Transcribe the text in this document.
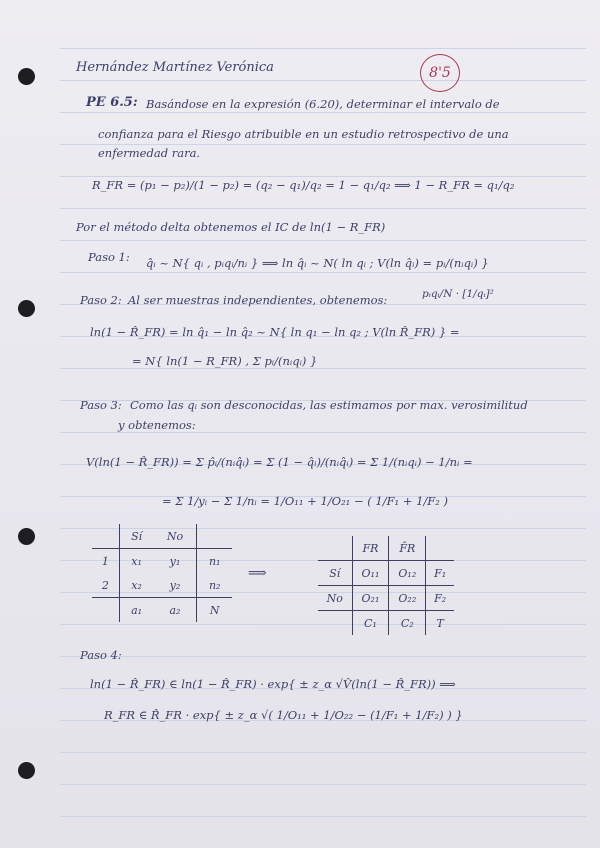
Hernández Martínez Verónica	8'5
PE 6.5: Basándose en la expresión (6.20), determinar el intervalo de
confianza para el Riesgo atribuible en un estudio retrospectivo de una
enfermedad rara.
R_FR = (p₁ − p₂)/(1 − p₂) = (q₂ − q₁)/q₂ = 1 − q₁/q₂ ⟹ 1 − R_FR = q₁/q₂
Por el método delta obtenemos el IC de ln(1 − R_FR)
Paso 1: q̂ᵢ ~ N{ qᵢ , pᵢqᵢ/nᵢ } ⟹ ln q̂ᵢ ~ N( ln qᵢ ; V(ln q̂ᵢ) = pᵢ/(nᵢqᵢ) }
pᵢqᵢ/N · [1/qᵢ]²
Paso 2: Al ser muestras independientes, obtenemos:
ln(1 − R̂_FR) = ln q̂₁ − ln q̂₂ ~ N{ ln q₁ − ln q₂ ; V(ln R̂_FR) } =
= N{ ln(1 − R_FR) , Σ pᵢ/(nᵢqᵢ) }
Paso 3: Como las qᵢ son desconocidas, las estimamos por max. verosimilitud
y obtenemos:
V(ln(1 − R̂_FR)) = Σ p̂ᵢ/(nᵢq̂ᵢ) = Σ (1 − q̂ᵢ)/(nᵢq̂ᵢ) = Σ 1/(nᵢqᵢ) − 1/nᵢ =
= Σ 1/yᵢ − Σ 1/nᵢ = 1/O₁₁ + 1/O₂₁ − ( 1/F₁ + 1/F₂ )
	Sí	No	
1	x₁	y₁	n₁
2	x₂	y₂	n₂
	a₁	a₂	N
⟹
	FR	F̄R	
Sí	O₁₁	O₁₂	F₁
No	O₂₁	O₂₂	F₂
	C₁	C₂	T
Paso 4:
ln(1 − R̂_FR) ∈ ln(1 − R̂_FR) · exp{ ± z_α √V̂(ln(1 − R̂_FR)) ⟹
R_FR ∈ R̂_FR · exp{ ± z_α √( 1/O₁₁ + 1/O₂₂ − (1/F₁ + 1/F₂) ) }
